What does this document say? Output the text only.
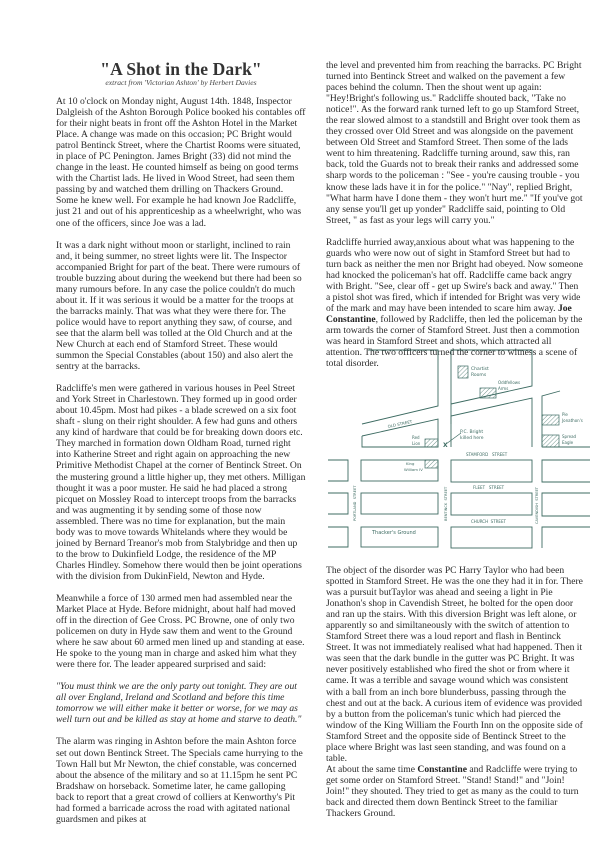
"A Shot in the Dark"

extract from 'Victorian Ashton' by Herbert Davies

At 10 o'clock on Monday night, August 14th. 1848, Inspector Dalgleish of the Ashton Borough Police booked his contables off for their night beats in front off the Ashton Hotel in the Market Place. A change was made on this occasion; PC Bright would patrol Bentinck Street, where the Chartist Rooms were situated, in place of PC Penington. James Bright (33) did not mind the change in the least. He counted himself as being on good terms with the Chartist lads. He lived in Wood Street, had seen them passing by and watched them drilling on Thackers Ground. Some he knew well. For example he had known Joe Radcliffe, just 21 and out of his apprenticeship as a wheelwright, who was one of the officers, since Joe was a lad.

It was a dark night without moon or starlight, inclined to rain and, it being summer, no street lights were lit. The Inspector accompanied Bright for part of the beat. There were rumours of trouble buzzing about during the weekend but there had been so many rumours before. In any case the police couldn't do much about it. If it was serious it would be a matter for the troops at the barracks mainly. That was what they were there for. The police would have to report anything they saw, of course, and see that the alarm bell was tolled at the Old Church and at the New Church at each end of Stamford Street. These would summon the Special Constables (about 150) and also alert the sentry at the barracks.

Radcliffe's men were gathered in various houses in Peel Street and York Street in Charlestown. They formed up in good order about 10.45pm. Most had pikes - a blade screwed on a six foot shaft - slung on their right shoulder. A few had guns and others any kind of hardware that could be for breaking down doors etc. They marched in formation down Oldham Road, turned right into Katherine Street and right again on approaching the new Primitive Methodist Chapel at the corner of Bentinck Street. On the mustering ground a little higher up, they met others. Milligan thought it was a poor muster. He said he had placed a strong picquet on Mossley Road to intercept troops from the barracks and was augmenting it by sending some of those now assembled. There was no time for explanation, but the main body was to move towards Whitelands where they would be joined by Bernard Treanor's mob from Stalybridge and then up to the brow to Dukinfield Lodge, the residence of the MP Charles Hindley. Somehow there would then be joint operations with the division from DukinField, Newton and Hyde.

Meanwhile a force of 130 armed men had assembled near the Market Place at Hyde. Before midnight, about half had moved off in the direction of Gee Cross. PC Browne, one of only two policemen on duty in Hyde saw them and went to the Ground where he saw about 60 armed men lined up and standing at ease. He spoke to the young man in charge and asked him what they were there for. The leader appeared surprised and said:

"You must think we are the only party out tonight. They are out all over England, Ireland and Scotland and before this time tomorrow we will either make it better or worse, for we may as well turn out and be killed as stay at home and starve to death."

The alarm was ringing in Ashton before the main Ashton force set out down Bentinck Street. The Specials came hurrying to the Town Hall but Mr Newton, the chief constable, was concerned about the absence of the military and so at 11.15pm he sent PC Bradshaw on horseback. Sometime later, he came galloping back to report that a great crowd of colliers at Kenworthy's Pit had formed a barricade across the road with agitated national guardsmen and pikes at

the level and prevented him from reaching the barracks. PC Bright turned into Bentinck Street and walked on the pavement a few paces behind the column. Then the shout went up again: "Hey!Bright's following us." Radcliffe shouted back, "Take no notice!". As the forward rank turned left to go up Stamford Street, the rear slowed almost to a standstill and Bright over took them as they crossed over Old Street and was alongside on the pavement between Old Street and Stamford Street. Then some of the lads went to him threatening. Radcliffe turning around, saw this, ran back, told the Guards not to break their ranks and addressed some sharp words to the policeman : "See - you're causing trouble - you know these lads have it in for the police." "Nay", replied Bright, "What harm have I done them - they won't hurt me." "If you've got any sense you'll get up yonder" Radcliffe said, pointing to Old Street, " as fast as your legs will carry you."

Radcliffe hurried away,anxious about what was happening to the guards who were now out of sight in Stamford Street but had to turn back as neither the men nor Bright had obeyed. Now someone had knocked the policeman's hat off. Radcliffe came back angry with Bright. "See, clear off - get up Swire's back and away." Then a pistol shot was fired, which if intended for Bright was very wide of the mark and may have been intended to scare him away. Joe Constantine, followed by Radcliffe, then led the policeman by the arm towards the corner of Stamford Street. Just then a commotion was heard in Stamford Street and shots, which attracted all attention. The two officers turned the corner to witness a scene of total disorder.

Chartist
Rooms
Oddfellows
Arms
OLD STREET
Red
Lion	X
P.C. Bright
killed here
Pie
Jonathon's
Spread
Eagle
STAMFORD   STREET
King
William IV
PORTLAND  STREET	BENTINCK  STREET	CAVENDISH  STREET
FLEET   STREET
CHURCH  STREET
Thacker's Ground

The object of the disorder was PC Harry Taylor who had been spotted in Stamford Street. He was the one they had it in for. There was a pursuit butTaylor was ahead and seeing a light in Pie Jonathon's shop in Cavendish Street, he bolted for the open door and ran up the stairs. With this diversion Bright was left alone, or apparently so and similtaneously with the switch of attention to Stamford Street there was a loud report and flash in Bentinck Street. It was not immediately realised what had happened. Then it was seen that the dark bundle in the gutter was PC Bright. It was never positively established who fired the shot or from where it came. It was a terrible and savage wound which was consistent with a ball from an inch bore blunderbuss, passing through the chest and out at the back. A curious item of evidence was provided by a button from the policeman's tunic which had pierced the window of the King William the Fourth Inn on the opposite side of Stamford Street and the opposite side of Bentinck Street to the place where Bright was last seen standing, and was found on a table.

At about the same time Constantine and Radcliffe were trying to get some order on Stamford Street. "Stand! Stand!" and "Join! Join!" they shouted. They tried to get as many as the could to turn back and directed them down Bentinck Street to the familiar Thackers Ground.
